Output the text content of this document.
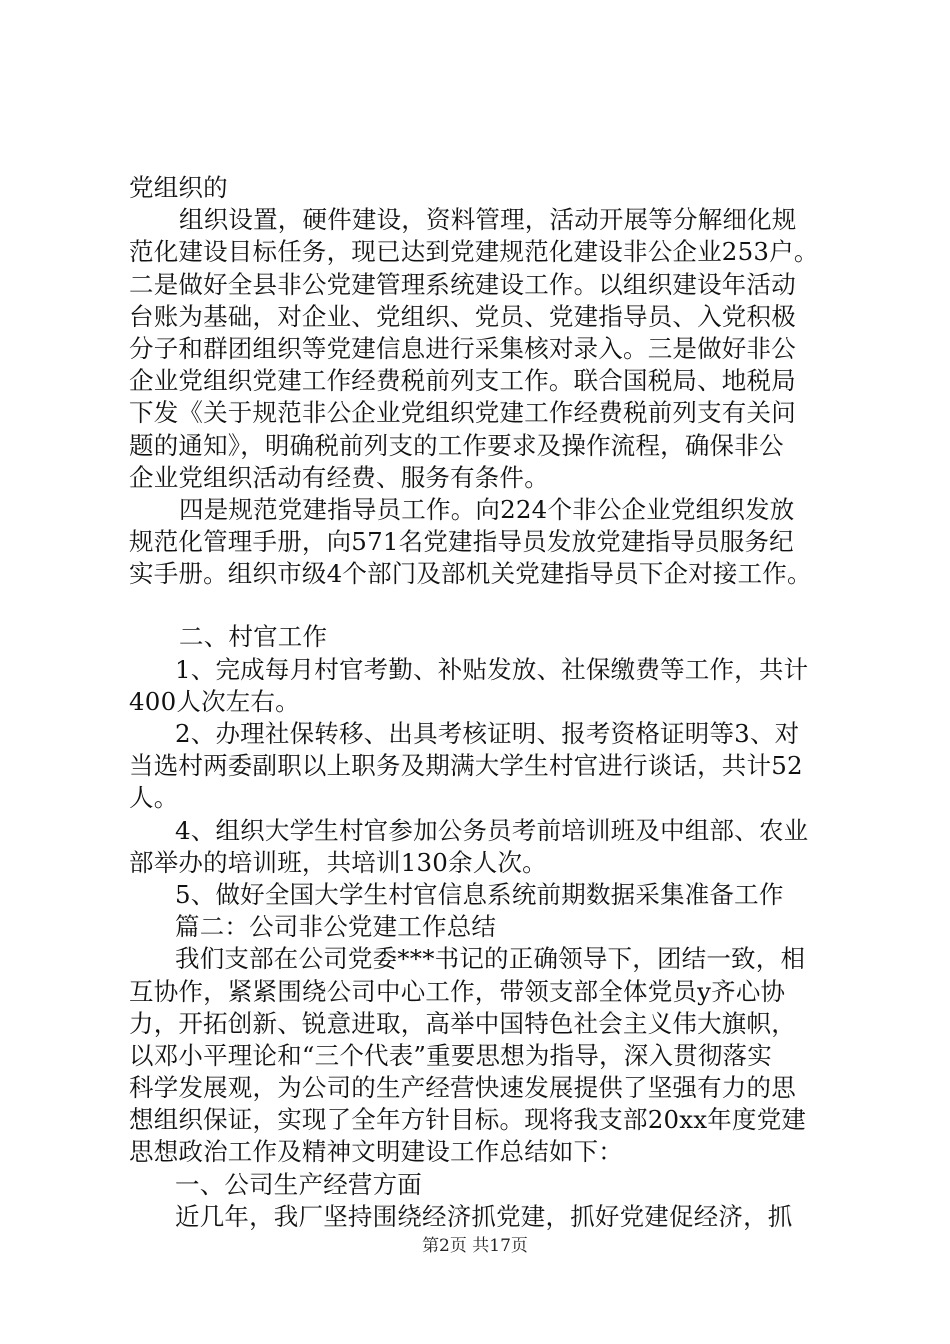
党组织的
组织设置，硬件建设，资料管理，活动开展等分解细化规
范化建设目标任务，现已达到党建规范化建设非公企业253户。
二是做好全县非公党建管理系统建设工作。以组织建设年活动
台账为基础，对企业、党组织、党员、党建指导员、入党积极
分子和群团组织等党建信息进行采集核对录入。三是做好非公
企业党组织党建工作经费税前列支工作。联合国税局、地税局
下发《关于规范非公企业党组织党建工作经费税前列支有关问
题的通知》，明确税前列支的工作要求及操作流程，确保非公
企业党组织活动有经费、服务有条件。
四是规范党建指导员工作。向224个非公企业党组织发放
规范化管理手册，向571名党建指导员发放党建指导员服务纪
实手册。组织市级4个部门及部机关党建指导员下企对接工作。
二、村官工作
1、完成每月村官考勤、补贴发放、社保缴费等工作，共计
400人次左右。
2、办理社保转移、出具考核证明、报考资格证明等3、对
当选村两委副职以上职务及期满大学生村官进行谈话，共计52
人。
4、组织大学生村官参加公务员考前培训班及中组部、农业
部举办的培训班，共培训130余人次。
5、做好全国大学生村官信息系统前期数据采集准备工作
篇二：公司非公党建工作总结
我们支部在公司党委***书记的正确领导下，团结一致，相
互协作，紧紧围绕公司中心工作，带领支部全体党员y齐心协
力，开拓创新、锐意进取，高举中国特色社会主义伟大旗帜，
以邓小平理论和“三个代表”重要思想为指导，深入贯彻落实
科学发展观，为公司的生产经营快速发展提供了坚强有力的思
想组织保证，实现了全年方针目标。现将我支部20xx年度党建
思想政治工作及精神文明建设工作总结如下：
一、公司生产经营方面
近几年，我厂坚持围绕经济抓党建，抓好党建促经济，抓
第2页 共17页
